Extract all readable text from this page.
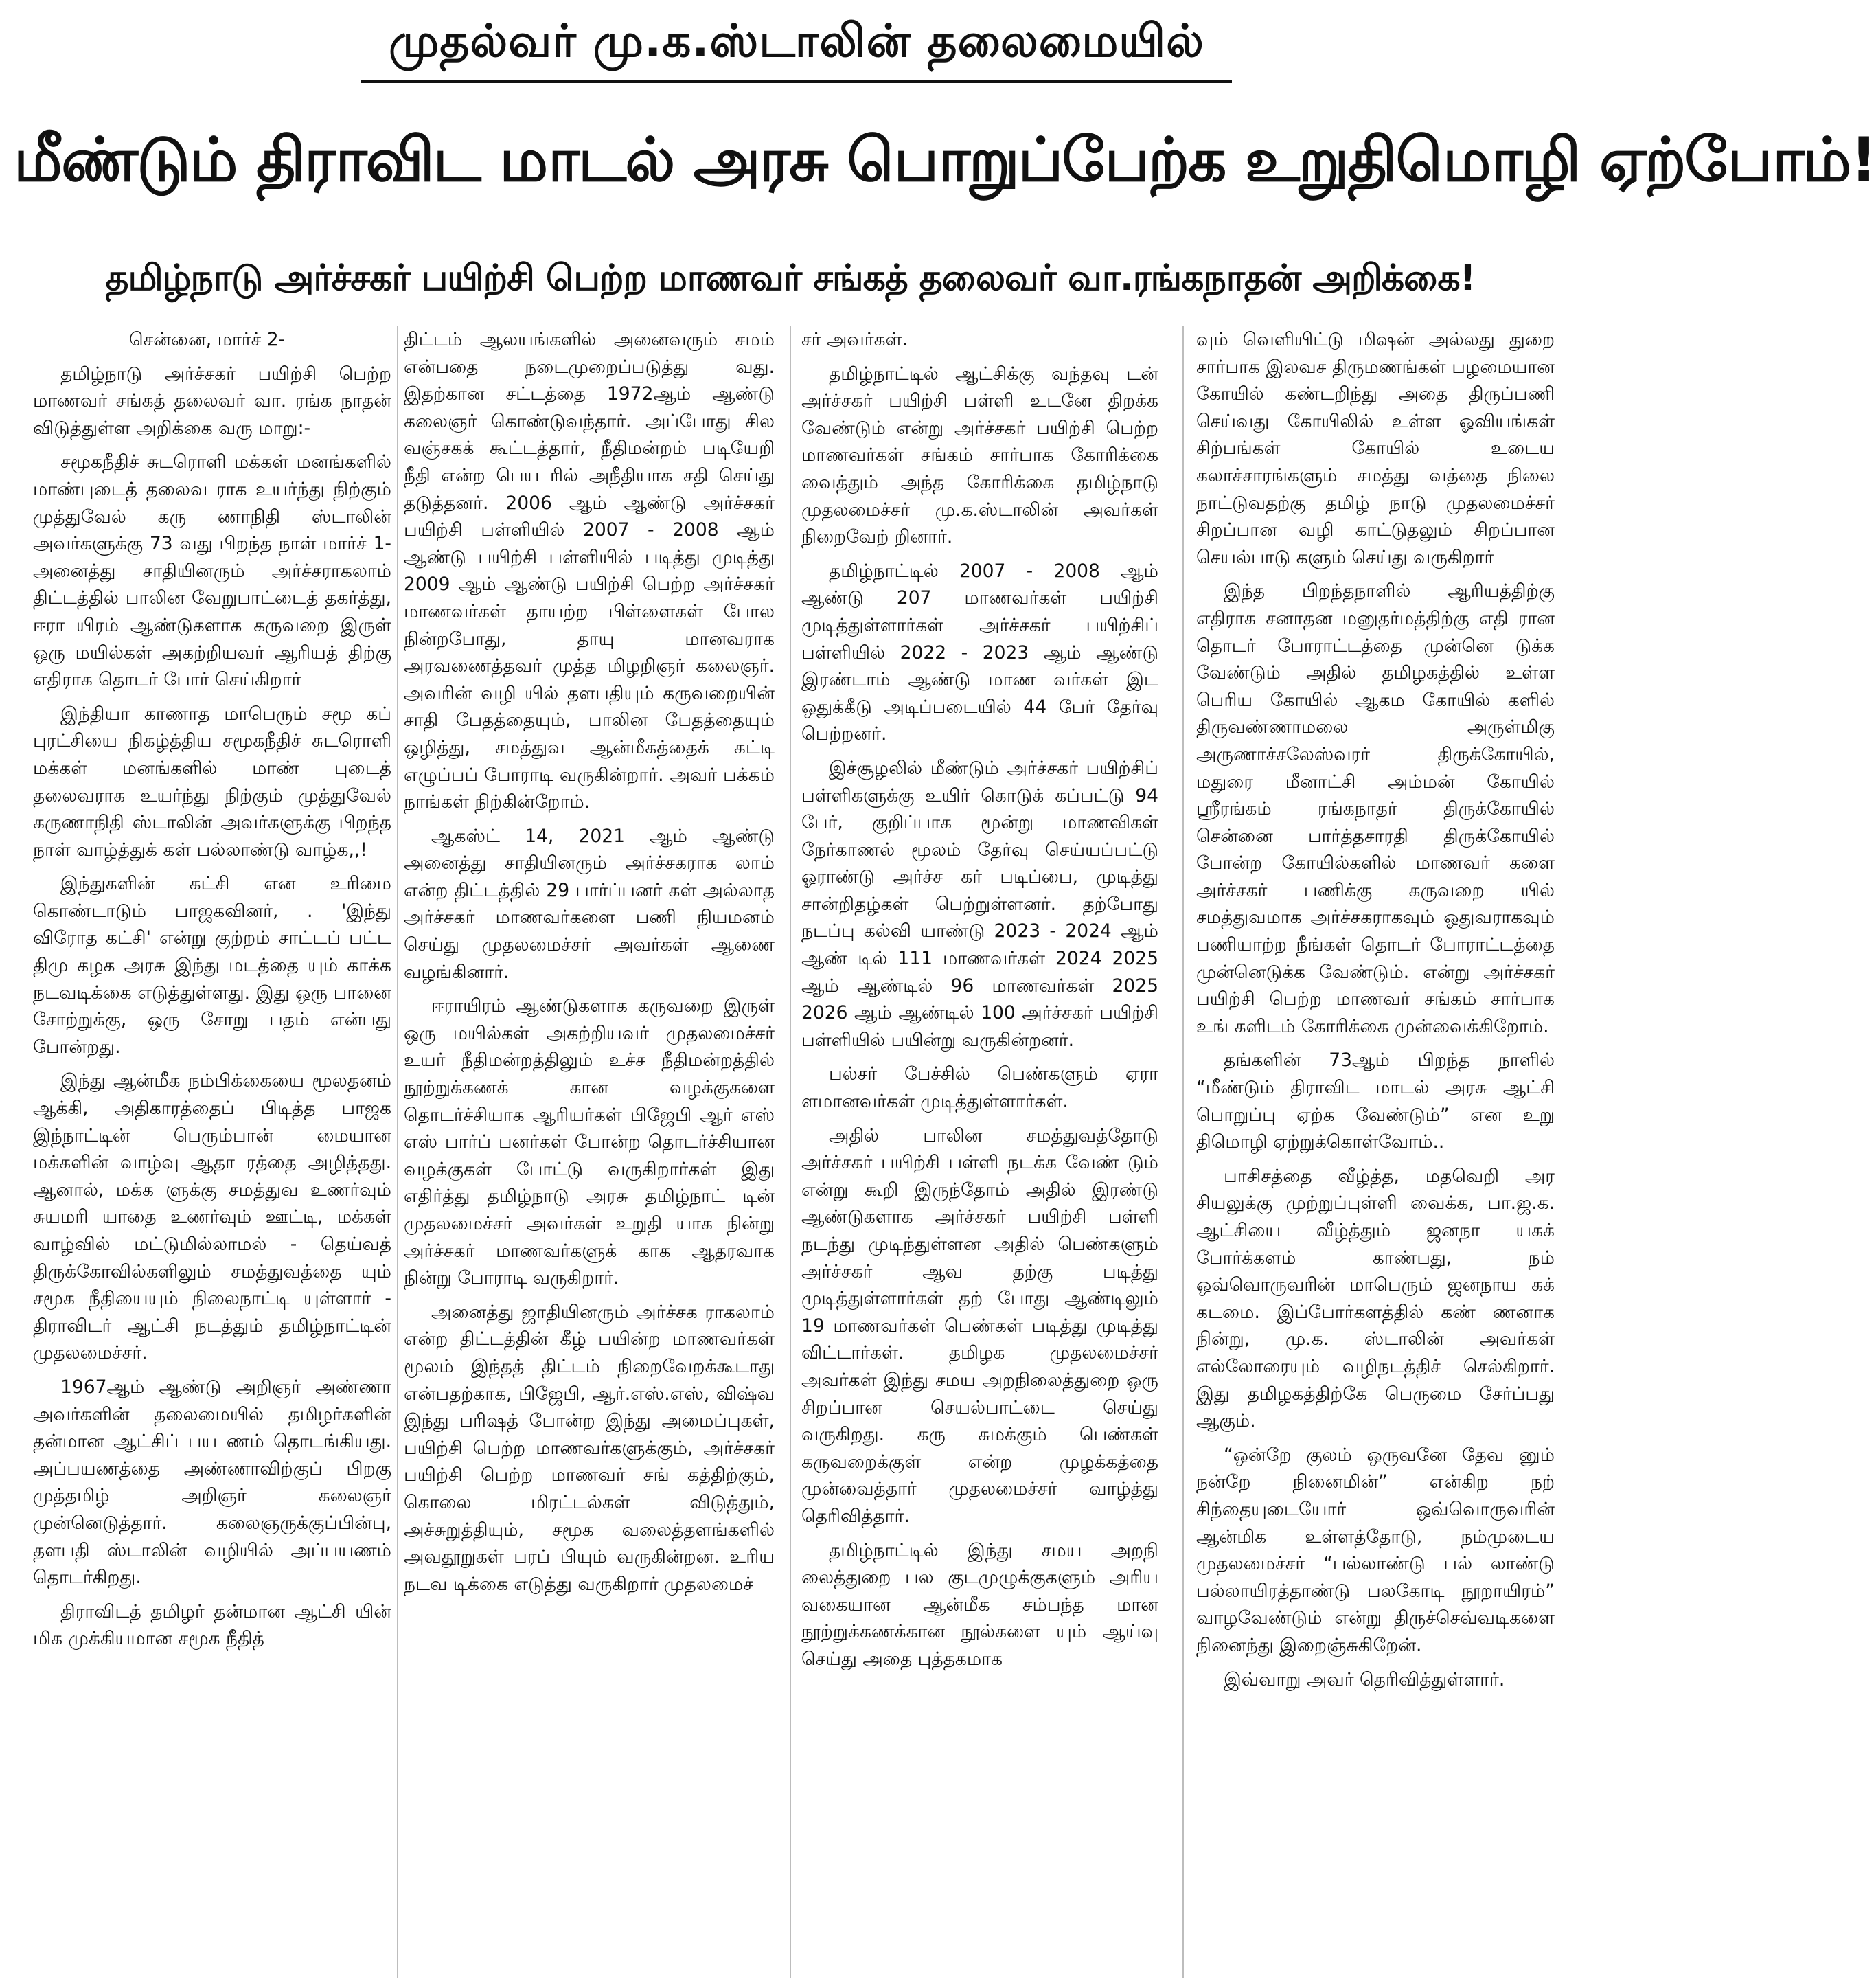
முதல்வர் மு.க.ஸ்டாலின் தலைமையில்
மீண்டும் திராவிட மாடல் அரசு பொறுப்பேற்க உறுதிமொழி ஏற்போம்!
தமிழ்நாடு அர்ச்சகர் பயிற்சி பெற்ற மாணவர் சங்கத் தலைவர் வா.ரங்கநாதன் அறிக்கை!

சென்னை, மார்ச் 2-

தமிழ்நாடு அர்ச்சகர் பயிற்சி பெற்ற மாணவர் சங்கத் தலைவர் வா. ரங்க நாதன் விடுத்துள்ள அறிக்கை வரு மாறு:-

சமூகநீதிச் சுடரொளி மக்கள் மனங்களில் மாண்புடைத் தலைவ ராக உயர்ந்து நிற்கும் முத்துவேல் கரு ணாநிதி ஸ்டாலின் அவர்களுக்கு 73 வது பிறந்த நாள் மார்ச் 1- அனைத்து சாதியினரும் அர்ச்சராகலாம் திட்டத்தில் பாலின வேறுபாட்டைத் தகர்த்து, ஈரா யிரம் ஆண்டுகளாக கருவறை இருள் ஒரு மயில்கள் அகற்றியவர் ஆரியத் திற்கு எதிராக தொடர் போர் செய்கிறார்

இந்தியா காணாத மாபெரும் சமூ கப் புரட்சியை நிகழ்த்திய சமூகநீதிச் சுடரொளி மக்கள் மனங்களில் மாண் புடைத் தலைவராக உயர்ந்து நிற்கும் முத்துவேல் கருணாநிதி ஸ்டாலின் அவர்களுக்கு பிறந்த நாள் வாழ்த்துக் கள் பல்லாண்டு வாழ்க,,!

இந்துகளின் கட்சி என உரிமை கொண்டாடும் பாஜகவினர், . 'இந்து விரோத கட்சி' என்று குற்றம் சாட்டப் பட்ட திமு கழக அரசு இந்து மடத்தை யும் காக்க நடவடிக்கை எடுத்துள்ளது. இது ஒரு பானை சோற்றுக்கு, ஒரு சோறு பதம் என்பது போன்றது.

இந்து ஆன்மீக நம்பிக்கையை மூலதனம் ஆக்கி, அதிகாரத்தைப் பிடித்த பாஜக இந்நாட்டின் பெரும்பான் மையான மக்களின் வாழ்வு ஆதா ரத்தை அழித்தது. ஆனால், மக்க ளுக்கு சமத்துவ உணர்வும் சுயமரி யாதை உணர்வும் ஊட்டி, மக்கள் வாழ்வில் மட்டுமில்லாமல் - தெய்வத் திருக்கோவில்களிலும் சமத்துவத்தை யும் சமூக நீதியையும் நிலைநாட்டி யுள்ளார் - திராவிடர் ஆட்சி நடத்தும் தமிழ்நாட்டின் முதலமைச்சர்.

1967ஆம் ஆண்டு அறிஞர் அண்ணா அவர்களின் தலைமையில் தமிழர்களின் தன்மான ஆட்சிப் பய ணம் தொடங்கியது. அப்பயணத்தை அண்ணாவிற்குப் பிறகு முத்தமிழ் அறிஞர் கலைஞர் முன்னெடுத்தார். கலைஞருக்குப்பின்பு, தளபதி ஸ்டாலின் வழியில் அப்பயணம் தொடர்கிறது.

திராவிடத் தமிழர் தன்மான ஆட்சி யின் மிக முக்கியமான சமூக நீதித்

திட்டம் ஆலயங்களில் அனைவரும் சமம் என்பதை நடைமுறைப்படுத்து வது. இதற்கான சட்டத்தை 1972ஆம் ஆண்டு கலைஞர் கொண்டுவந்தார். அப்போது சில வஞ்சகக் கூட்டத்தார், நீதிமன்றம் படியேறி நீதி என்ற பெய ரில் அநீதியாக சதி செய்து தடுத்தனர். 2006 ஆம் ஆண்டு அர்ச்சகர் பயிற்சி பள்ளியில் 2007 - 2008 ஆம் ஆண்டு பயிற்சி பள்ளியில் படித்து முடித்து 2009 ஆம் ஆண்டு பயிற்சி பெற்ற அர்ச்சகர் மாணவர்கள் தாயற்ற பிள்ளைகள் போல நின்றபோது, தாயு மானவராக அரவணைத்தவர் முத்த மிழறிஞர் கலைஞர். அவரின் வழி யில் தளபதியும் கருவறையின் சாதி பேதத்தையும், பாலின பேதத்தையும் ஒழித்து, சமத்துவ ஆன்மீகத்தைக் கட்டி எழுப்பப் போராடி வருகின்றார். அவர் பக்கம் நாங்கள் நிற்கின்றோம்.

ஆகஸ்ட் 14, 2021 ஆம் ஆண்டு அனைத்து சாதியினரும் அர்ச்சகராக லாம் என்ற திட்டத்தில் 29 பார்ப்பனர் கள் அல்லாத அர்ச்சகர் மாணவர்களை பணி நியமனம் செய்து முதலமைச்சர் அவர்கள் ஆணை வழங்கினார்.

ஈராயிரம் ஆண்டுகளாக கருவறை இருள் ஒரு மயில்கள் அகற்றியவர் முதலமைச்சர் உயர் நீதிமன்றத்திலும் உச்ச நீதிமன்றத்தில் நூற்றுக்கணக் கான வழக்குகளை தொடர்ச்சியாக ஆரியர்கள் பிஜேபி ஆர் எஸ் எஸ் பார்ப் பனர்கள் போன்ற தொடர்ச்சியான வழக்குகள் போட்டு வருகிறார்கள் இது எதிர்த்து தமிழ்நாடு அரசு தமிழ்நாட் டின் முதலமைச்சர் அவர்கள் உறுதி யாக நின்று அர்ச்சகர் மாணவர்களுக் காக ஆதரவாக நின்று போராடி வருகிறார்.

அனைத்து ஜாதியினரும் அர்ச்சக ராகலாம் என்ற திட்டத்தின் கீழ் பயின்ற மாணவர்கள் மூலம் இந்தத் திட்டம் நிறைவேறக்கூடாது என்பதற்காக, பிஜேபி, ஆர்.எஸ்.எஸ், விஷ்வ இந்து பரிஷத் போன்ற இந்து அமைப்புகள், பயிற்சி பெற்ற மாணவர்களுக்கும், அர்ச்சகர் பயிற்சி பெற்ற மாணவர் சங் கத்திற்கும், கொலை மிரட்டல்கள் விடுத்தும், அச்சுறுத்தியும், சமூக வலைத்தளங்களில் அவதூறுகள் பரப் பியும் வருகின்றன. உரிய நடவ டிக்கை எடுத்து வருகிறார் முதலமைச்

சர் அவர்கள்.

தமிழ்நாட்டில் ஆட்சிக்கு வந்தவு டன் அர்ச்சகர் பயிற்சி பள்ளி உடனே திறக்க வேண்டும் என்று அர்ச்சகர் பயிற்சி பெற்ற மாணவர்கள் சங்கம் சார்பாக கோரிக்கை வைத்தும் அந்த கோரிக்கை தமிழ்நாடு முதலமைச்சர் மு.க.ஸ்டாலின் அவர்கள் நிறைவேற் றினார்.

தமிழ்நாட்டில் 2007 - 2008 ஆம் ஆண்டு 207 மாணவர்கள் பயிற்சி முடித்துள்ளார்கள் அர்ச்சகர் பயிற்சிப் பள்ளியில் 2022 - 2023 ஆம் ஆண்டு இரண்டாம் ஆண்டு மாண வர்கள் இட ஒதுக்கீடு அடிப்படையில் 44 பேர் தேர்வு பெற்றனர்.

இச்சூழலில் மீண்டும் அர்ச்சகர் பயிற்சிப் பள்ளிகளுக்கு உயிர் கொடுக் கப்பட்டு 94 பேர், குறிப்பாக மூன்று மாணவிகள் நேர்காணல் மூலம் தேர்வு செய்யப்பட்டு ஓராண்டு அர்ச்ச கர் படிப்பை, முடித்து சான்றிதழ்கள் பெற்றுள்ளனர். தற்போது நடப்பு கல்வி யாண்டு 2023 - 2024 ஆம் ஆண் டில் 111 மாணவர்கள் 2024 2025 ஆம் ஆண்டில் 96 மாணவர்கள் 2025 2026 ஆம் ஆண்டில் 100 அர்ச்சகர் பயிற்சி பள்ளியில் பயின்று வருகின்றனர்.

பல்சர் பேச்சில் பெண்களும் ஏரா ளமானவர்கள் முடித்துள்ளார்கள்.

அதில் பாலின சமத்துவத்தோடு அர்ச்சகர் பயிற்சி பள்ளி நடக்க வேண் டும் என்று கூறி இருந்தோம் அதில் இரண்டு ஆண்டுகளாக அர்ச்சகர் பயிற்சி பள்ளி நடந்து முடிந்துள்ளன அதில் பெண்களும் அர்ச்சகர் ஆவ தற்கு படித்து முடித்துள்ளார்கள் தற் போது ஆண்டிலும் 19 மாணவர்கள் பெண்கள் படித்து முடித்து விட்டார்கள். தமிழக முதலமைச்சர் அவர்கள் இந்து சமய அறநிலைத்துறை ஒரு சிறப்பான செயல்பாட்டை செய்து வருகிறது. கரு சுமக்கும் பெண்கள் கருவறைக்குள் என்ற முழக்கத்தை முன்வைத்தார் முதலமைச்சர் வாழ்த்து தெரிவித்தார்.

தமிழ்நாட்டில் இந்து சமய அறநி லைத்துறை பல குடமுழுக்குகளும் அரிய வகையான ஆன்மீக சம்பந்த மான நூற்றுக்கணக்கான நூல்களை யும் ஆய்வு செய்து அதை புத்தகமாக

வும் வெளியிட்டு மிஷன் அல்லது துறை சார்பாக இலவச திருமணங்கள் பழமையான கோயில் கண்டறிந்து அதை திருப்பணி செய்வது கோயிலில் உள்ள ஓவியங்கள் சிற்பங்கள் கோயில் உடைய கலாச்சாரங்களும் சமத்து வத்தை நிலை நாட்டுவதற்கு தமிழ் நாடு முதலமைச்சர் சிறப்பான வழி காட்டுதலும் சிறப்பான செயல்பாடு களும் செய்து வருகிறார்

இந்த பிறந்தநாளில் ஆரியத்திற்கு எதிராக சனாதன மனுதர்மத்திற்கு எதி ரான தொடர் போராட்டத்தை முன்னெ டுக்க வேண்டும் அதில் தமிழகத்தில் உள்ள பெரிய கோயில் ஆகம கோயில் களில் திருவண்ணாமலை அருள்மிகு அருணாச்சலேஸ்வரர் திருக்கோயில், மதுரை மீனாட்சி அம்மன் கோயில் ஸ்ரீரங்கம் ரங்கநாதர் திருக்கோயில் சென்னை பார்த்தசாரதி திருக்கோயில் போன்ற கோயில்களில் மாணவர் களை அர்ச்சகர் பணிக்கு கருவறை யில் சமத்துவமாக அர்ச்சகராகவும் ஓதுவராகவும் பணியாற்ற நீங்கள் தொடர் போராட்டத்தை முன்னெடுக்க வேண்டும். என்று அர்ச்சகர் பயிற்சி பெற்ற மாணவர் சங்கம் சார்பாக உங் களிடம் கோரிக்கை முன்வைக்கிறோம்.

தங்களின் 73ஆம் பிறந்த நாளில் “மீண்டும் திராவிட மாடல் அரசு ஆட்சி பொறுப்பு ஏற்க வேண்டும்” என உறு திமொழி ஏற்றுக்கொள்வோம்..

பாசிசத்தை வீழ்த்த, மதவெறி அர சியலுக்கு முற்றுப்புள்ளி வைக்க, பா.ஜ.க. ஆட்சியை வீழ்த்தும் ஜனநா யகக் போர்க்களம் காண்பது, நம் ஒவ்வொருவரின் மாபெரும் ஜனநாய கக் கடமை. இப்போர்களத்தில் கண் ணனாக நின்று, மு.க. ஸ்டாலின் அவர்கள் எல்லோரையும் வழிநடத்திச் செல்கிறார். இது தமிழகத்திற்கே பெருமை சேர்ப்பது ஆகும்.

“ஒன்றே குலம் ஒருவனே தேவ னும் நன்றே நினைமின்” என்கிற நற் சிந்தையுடையோர் ஒவ்வொருவரின் ஆன்மிக உள்ளத்தோடு, நம்முடைய முதலமைச்சர் “பல்லாண்டு பல் லாண்டு பல்லாயிரத்தாண்டு பலகோடி நூறாயிரம்” வாழவேண்டும் என்று திருச்செவ்வடிகளை நினைந்து இறைஞ்சுகிறேன்.

இவ்வாறு அவர் தெரிவித்துள்ளார்.
